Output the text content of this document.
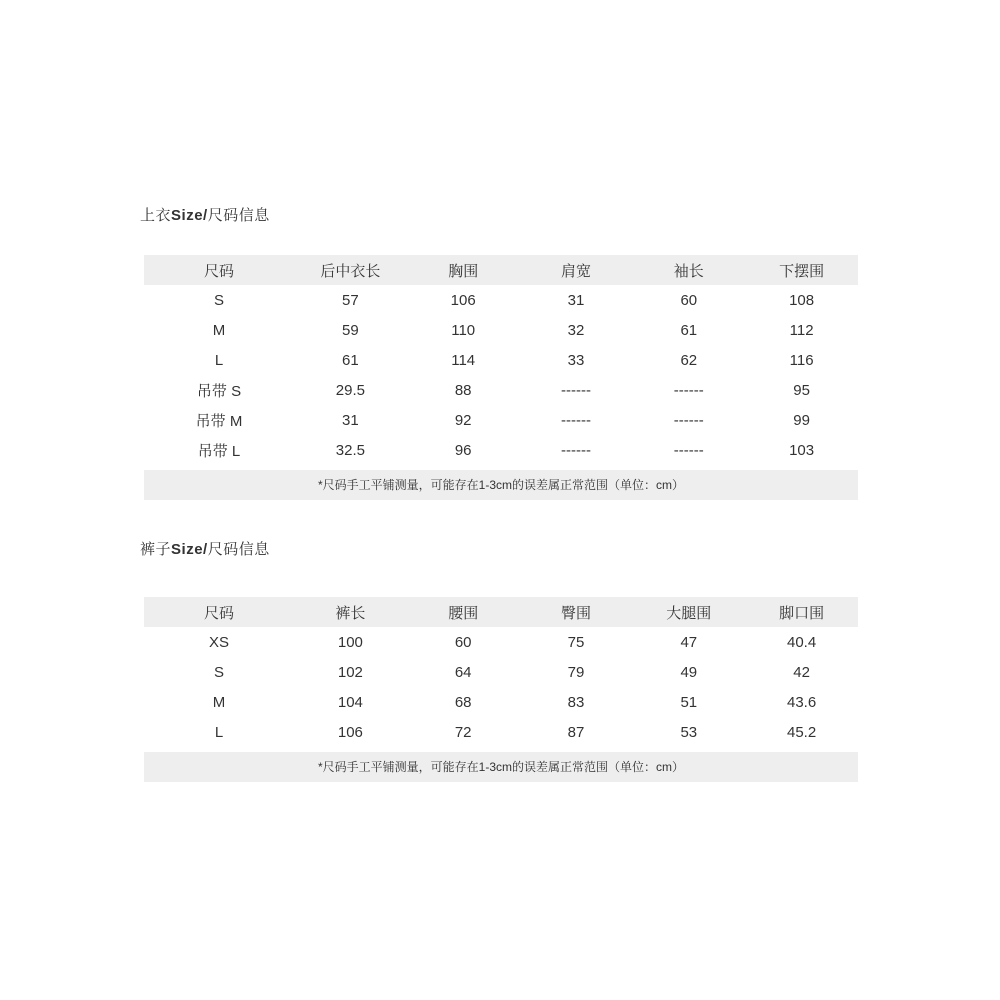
上衣Size/尺码信息
尺码	后中衣长	胸围	肩宽	袖长	下摆围
S	57	106	31	60	108
M	59	110	32	61	112
L	61	114	33	62	116
吊带 S	29.5	88	------	------	95
吊带 M	31	92	------	------	99
吊带 L	32.5	96	------	------	103
*尺码手工平铺测量，可能存在1-3cm的误差属正常范围（单位：cm）
裤子Size/尺码信息
尺码	裤长	腰围	臀围	大腿围	脚口围
XS	100	60	75	47	40.4
S	102	64	79	49	42
M	104	68	83	51	43.6
L	106	72	87	53	45.2
*尺码手工平铺测量，可能存在1-3cm的误差属正常范围（单位：cm）
